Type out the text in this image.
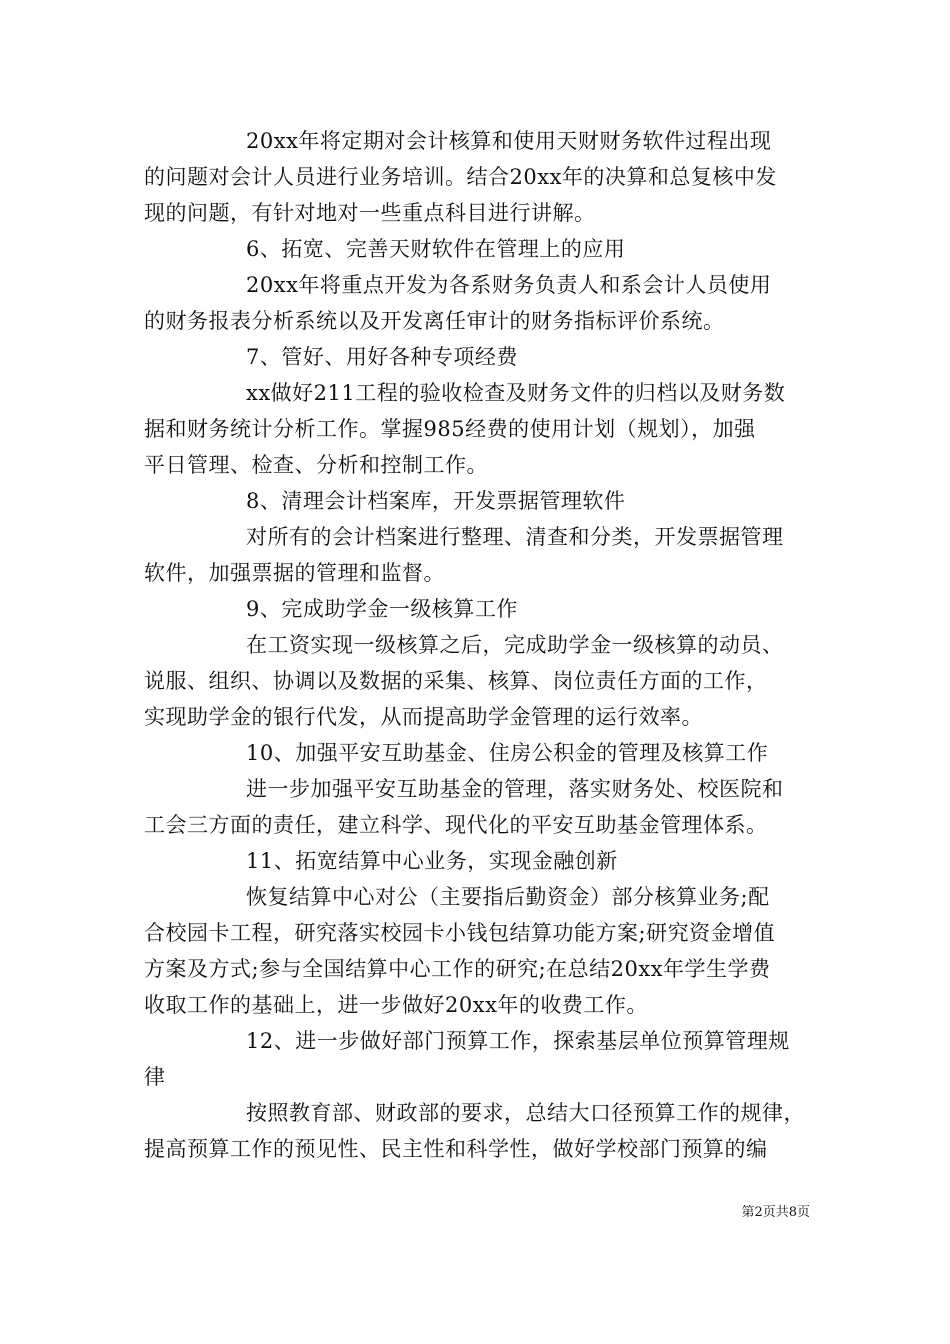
20xx年将定期对会计核算和使用天财财务软件过程出现
的问题对会计人员进行业务培训。结合20xx年的决算和总复核中发
现的问题，有针对地对一些重点科目进行讲解。
6、拓宽、完善天财软件在管理上的应用
20xx年将重点开发为各系财务负责人和系会计人员使用
的财务报表分析系统以及开发离任审计的财务指标评价系统。
7、管好、用好各种专项经费
xx做好211工程的验收检查及财务文件的归档以及财务数
据和财务统计分析工作。掌握985经费的使用计划（规划），加强
平日管理、检查、分析和控制工作。
8、清理会计档案库，开发票据管理软件
对所有的会计档案进行整理、清查和分类，开发票据管理
软件，加强票据的管理和监督。
9、完成助学金一级核算工作
在工资实现一级核算之后，完成助学金一级核算的动员、
说服、组织、协调以及数据的采集、核算、岗位责任方面的工作，
实现助学金的银行代发，从而提高助学金管理的运行效率。
10、加强平安互助基金、住房公积金的管理及核算工作
进一步加强平安互助基金的管理，落实财务处、校医院和
工会三方面的责任，建立科学、现代化的平安互助基金管理体系。
11、拓宽结算中心业务，实现金融创新
恢复结算中心对公（主要指后勤资金）部分核算业务;配
合校园卡工程，研究落实校园卡小钱包结算功能方案;研究资金增值
方案及方式;参与全国结算中心工作的研究;在总结20xx年学生学费
收取工作的基础上，进一步做好20xx年的收费工作。
12、进一步做好部门预算工作，探索基层单位预算管理规
律
按照教育部、财政部的要求，总结大口径预算工作的规律，
提高预算工作的预见性、民主性和科学性，做好学校部门预算的编
第2页共8页
